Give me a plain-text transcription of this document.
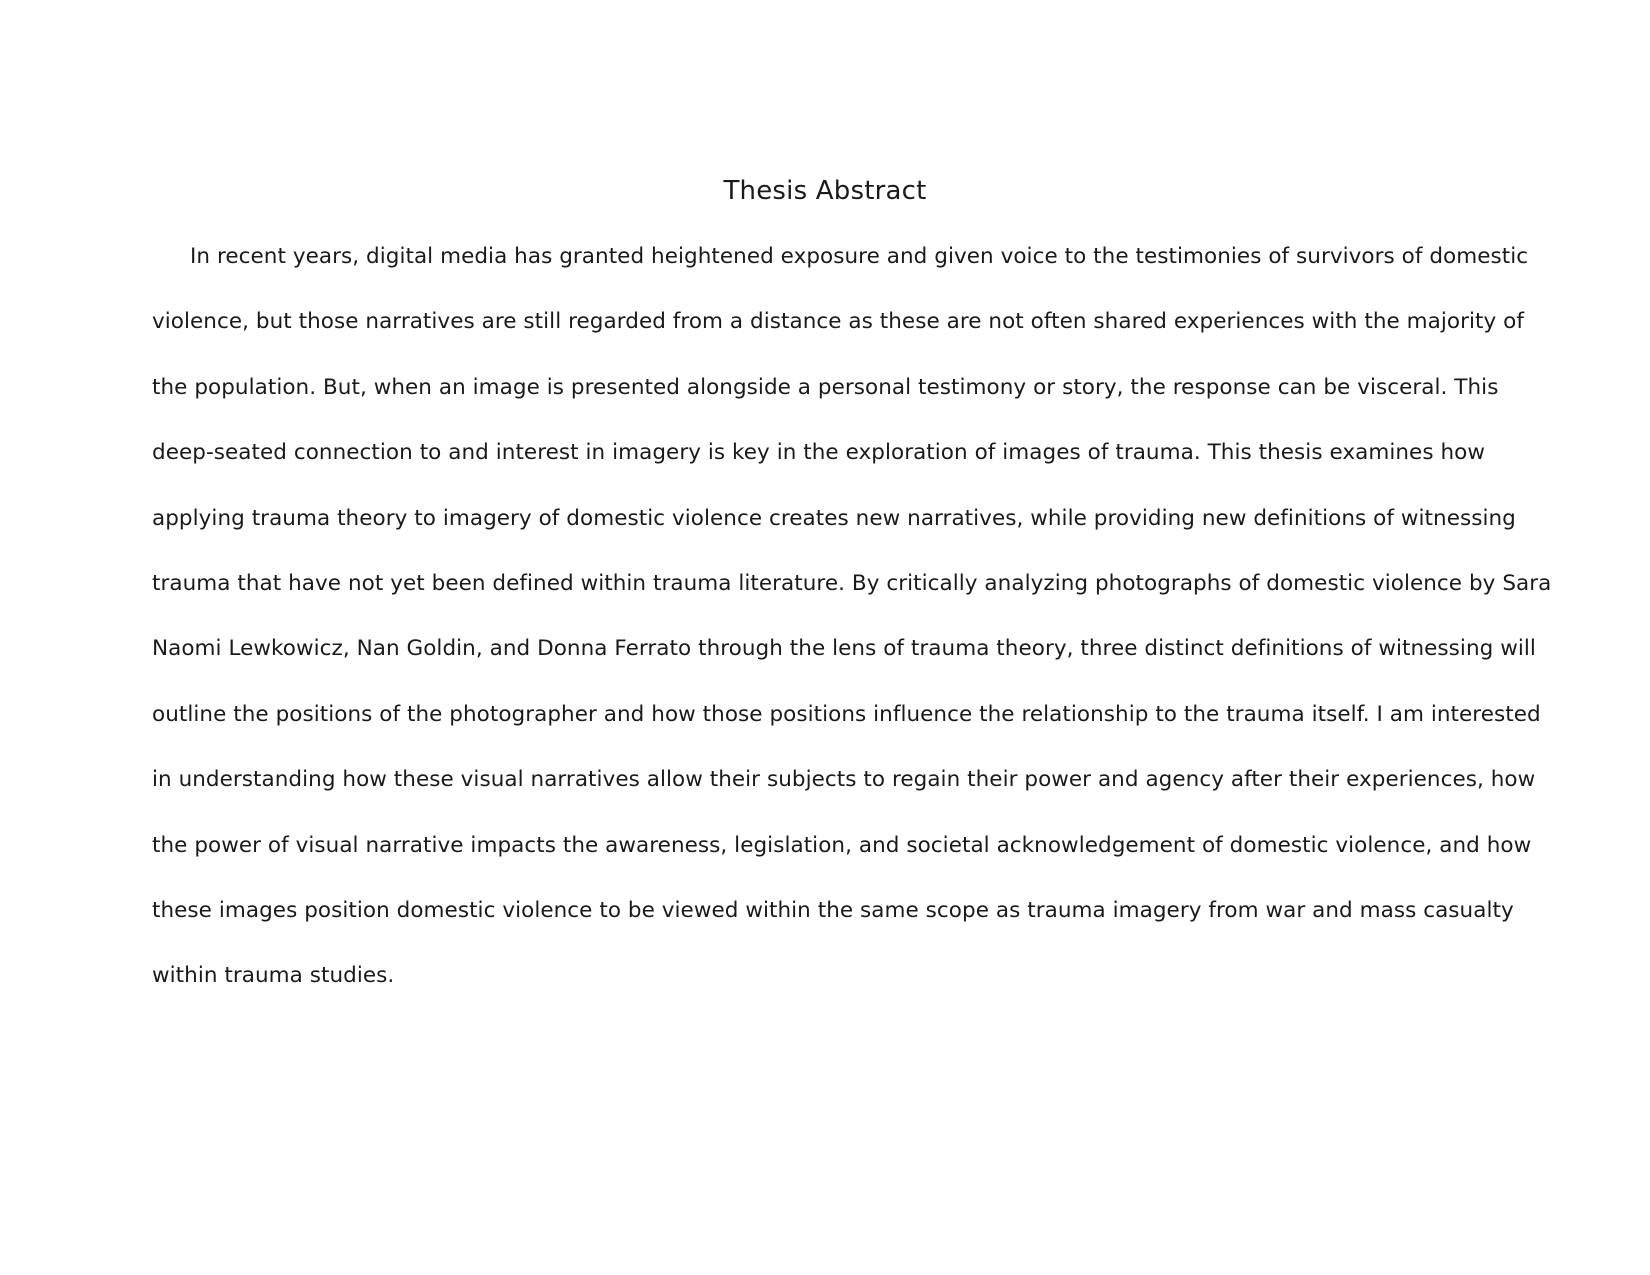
Thesis Abstract
In recent years, digital media has granted heightened exposure and given voice to the testimonies of survivors of domestic
violence, but those narratives are still regarded from a distance as these are not often shared experiences with the majority of
the population. But, when an image is presented alongside a personal testimony or story, the response can be visceral. This
deep-seated connection to and interest in imagery is key in the exploration of images of trauma. This thesis examines how
applying trauma theory to imagery of domestic violence creates new narratives, while providing new definitions of witnessing
trauma that have not yet been defined within trauma literature. By critically analyzing photographs of domestic violence by Sara
Naomi Lewkowicz, Nan Goldin, and Donna Ferrato through the lens of trauma theory, three distinct definitions of witnessing will
outline the positions of the photographer and how those positions influence the relationship to the trauma itself. I am interested
in understanding how these visual narratives allow their subjects to regain their power and agency after their experiences, how
the power of visual narrative impacts the awareness, legislation, and societal acknowledgement of domestic violence, and how
these images position domestic violence to be viewed within the same scope as trauma imagery from war and mass casualty
within trauma studies.
